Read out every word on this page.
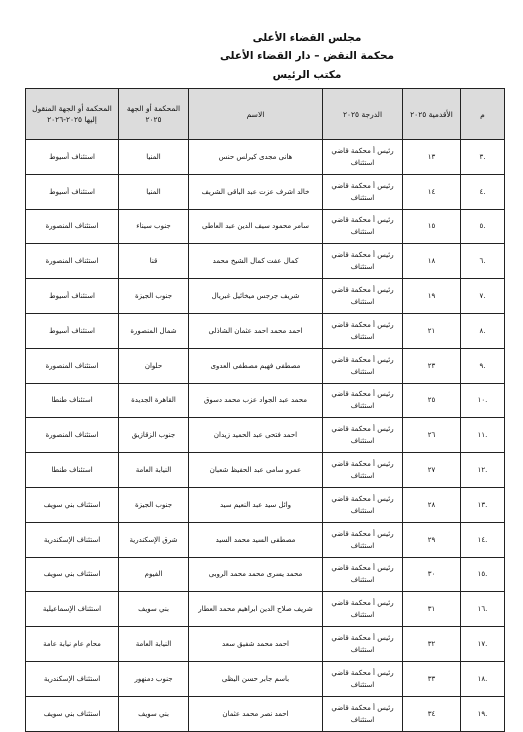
مجلس القضاء الأعلى
محكمة النقض – دار القضاء الأعلى
مكتب الرئيس
م	الأقدمية ٢٠٢٥	الدرجة ٢٠٢٥	الاسم	المحكمة أو الجهة ٢٠٢٥	المحكمة أو الجهة المنقول إليها ٢٠٢٥-٢٠٢٦
.٣	١٣	رئيس أ محكمة قاضي استئناف	هانى مجدى كيرلس حنس	المنيا	استئناف أسيوط
.٤	١٤	رئيس أ محكمة قاضي استئناف	خالد اشرف عزت عبد الباقى الشريف	المنيا	استئناف أسيوط
.٥	١٥	رئيس أ محكمة قاضي استئناف	سامر محمود سيف الدين عبد العاطى	جنوب سيناء	استئناف المنصورة
.٦	١٨	رئيس أ محكمة قاضي استئناف	كمال عفت كمال الشيخ محمد	قنا	استئناف المنصورة
.٧	١٩	رئيس أ محكمة قاضي استئناف	شريف جرجس ميخائيل غبريال	جنوب الجيزة	استئناف أسيوط
.٨	٢١	رئيس أ محكمة قاضي استئناف	احمد محمد احمد عثمان الشاذلى	شمال المنصورة	استئناف أسيوط
.٩	٢٣	رئيس أ محكمة قاضي استئناف	مصطفى فهيم مصطفى العدوى	حلوان	استئناف المنصورة
.١٠	٢٥	رئيس أ محكمة قاضي استئناف	محمد عبد الجواد عزب محمد دسوق	القاهرة الجديدة	استئناف طنطا
.١١	٢٦	رئيس أ محكمة قاضي استئناف	احمد فتحى عبد الحميد زيدان	جنوب الزقازيق	استئناف المنصورة
.١٢	٢٧	رئيس أ محكمة قاضي استئناف	عمرو سامى عبد الحفيظ شعبان	النيابة العامة	استئناف طنطا
.١٣	٢٨	رئيس أ محكمة قاضي استئناف	وائل سيد عبد النعيم سيد	جنوب الجيزة	استئناف بني سويف
.١٤	٢٩	رئيس أ محكمة قاضي استئناف	مصطفى السيد محمد السيد	شرق الإسكندرية	استئناف الإسكندرية
.١٥	٣٠	رئيس أ محكمة قاضي استئناف	محمد يسرى محمد محمد الروبى	الفيوم	استئناف بني سويف
.١٦	٣١	رئيس أ محكمة قاضي استئناف	شريف صلاح الدين ابراهيم محمد العطار	بني سويف	استئناف الإسماعيلية
.١٧	٣٢	رئيس أ محكمة قاضي استئناف	احمد محمد شفيق سعد	النيابة العامة	محام عام نيابة عامة
.١٨	٣٣	رئيس أ محكمة قاضي استئناف	باسم جابر حسن اليظى	جنوب دمنهور	استئناف الإسكندرية
.١٩	٣٤	رئيس أ محكمة قاضي استئناف	احمد نصر محمد عثمان	بني سويف	استئناف بني سويف
